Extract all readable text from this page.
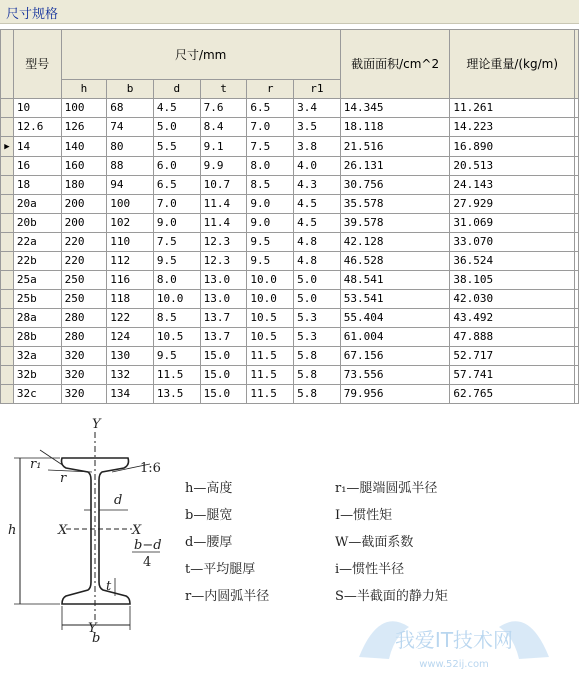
尺寸规格
	型号	尺寸/mm						截面面积/cm^2	理论重量/(kg/m)	
		h	b	d	t	r	r1			
	10	100	68	4.5	7.6	6.5	3.4	14.345	11.261	
	12.6	126	74	5.0	8.4	7.0	3.5	18.118	14.223	
▶	14	140	80	5.5	9.1	7.5	3.8	21.516	16.890	
	16	160	88	6.0	9.9	8.0	4.0	26.131	20.513	
	18	180	94	6.5	10.7	8.5	4.3	30.756	24.143	
	20a	200	100	7.0	11.4	9.0	4.5	35.578	27.929	
	20b	200	102	9.0	11.4	9.0	4.5	39.578	31.069	
	22a	220	110	7.5	12.3	9.5	4.8	42.128	33.070	
	22b	220	112	9.5	12.3	9.5	4.8	46.528	36.524	
	25a	250	116	8.0	13.0	10.0	5.0	48.541	38.105	
	25b	250	118	10.0	13.0	10.0	5.0	53.541	42.030	
	28a	280	122	8.5	13.7	10.5	5.3	55.404	43.492	
	28b	280	124	10.5	13.7	10.5	5.3	61.004	47.888	
	32a	320	130	9.5	15.0	11.5	5.8	67.156	52.717	
	32b	320	132	11.5	15.0	11.5	5.8	73.556	57.741	
	32c	320	134	13.5	15.0	11.5	5.8	79.956	62.765	
Y
Y
X	X
r₁
r
1:6
d
h
t
b
b−d
4
h—高度
b—腿宽
d—腰厚
t—平均腿厚
r—内圆弧半径
r₁—腿端圆弧半径
I—惯性矩
W—截面系数
i—惯性半径
S—半截面的静力矩
我爱IT技术网
www.52ij.com
